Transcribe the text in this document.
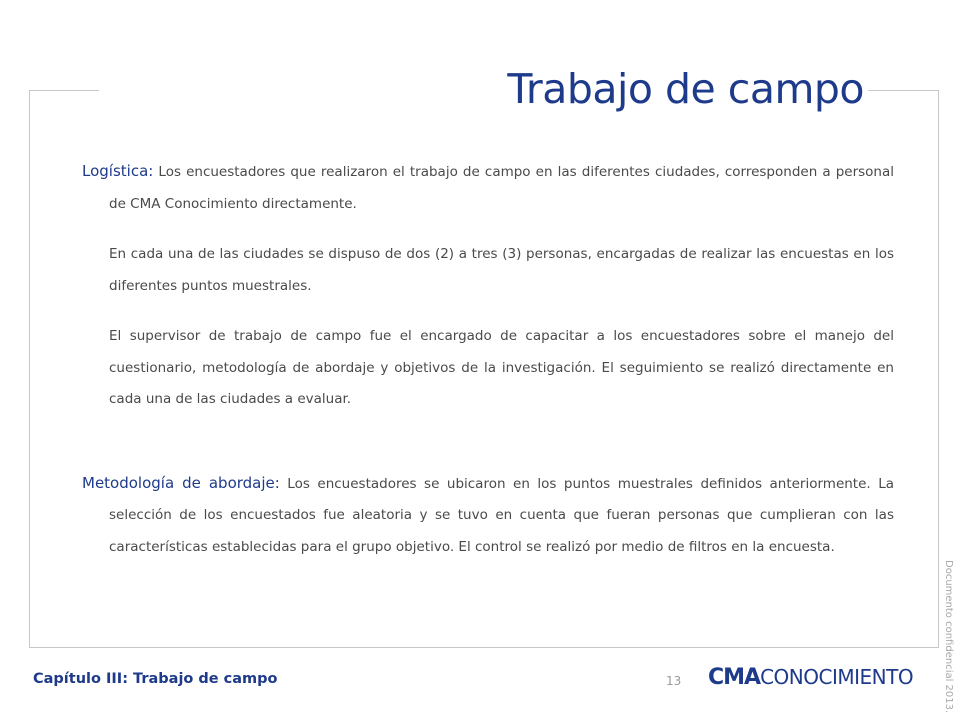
Trabajo de campo

Logística: Los encuestadores que realizaron el trabajo de campo en las diferentes ciudades, corresponden a personal de CMA Conocimiento directamente.

En cada una de las ciudades se dispuso de dos (2) a tres (3) personas, encargadas de realizar las encuestas en los diferentes puntos muestrales.

El supervisor de trabajo de campo fue el encargado de capacitar a los encuestadores sobre el manejo del cuestionario, metodología de abordaje y objetivos de la investigación. El seguimiento se realizó directamente en cada una de las ciudades a evaluar.

Metodología de abordaje: Los encuestadores se ubicaron en los puntos muestrales definidos anteriormente. La selección de los encuestados fue aleatoria y se tuvo en cuenta que fueran personas que cumplieran con las características establecidas para el grupo objetivo. El control se realizó por medio de filtros en la encuesta.

Capítulo III: Trabajo de campo	13 CMA CONOCIMIENTO	Documento confidencial 2013.
